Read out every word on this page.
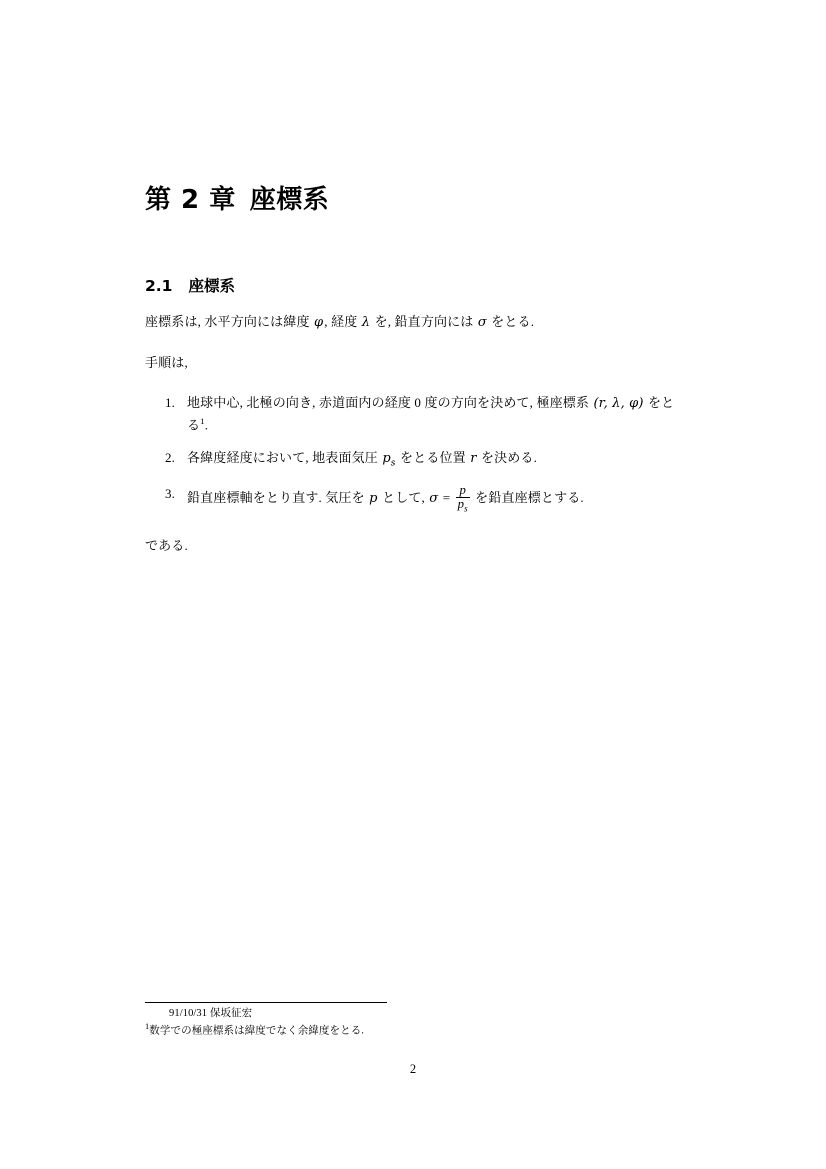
第 2 章 座標系
2.1 座標系

座標系は, 水平方向には緯度 φ, 経度 λ を, 鉛直方向には σ をとる.

手順は,

地球中心, 北極の向き, 赤道面内の経度 0 度の方向を決めて, 極座標系 (r, λ, φ) をとる$^1$.
各緯度経度において, 地表面気圧 $p_s$ をとる位置 r を決める.
鉛直座標軸をとり直す. 気圧を p として, $\sigma = \frac{p}{p_s}$ を鉛直座標とする.

である.

91/10/31 保坂征宏

$^1$数学での極座標系は緯度でなく余緯度をとる.

2
